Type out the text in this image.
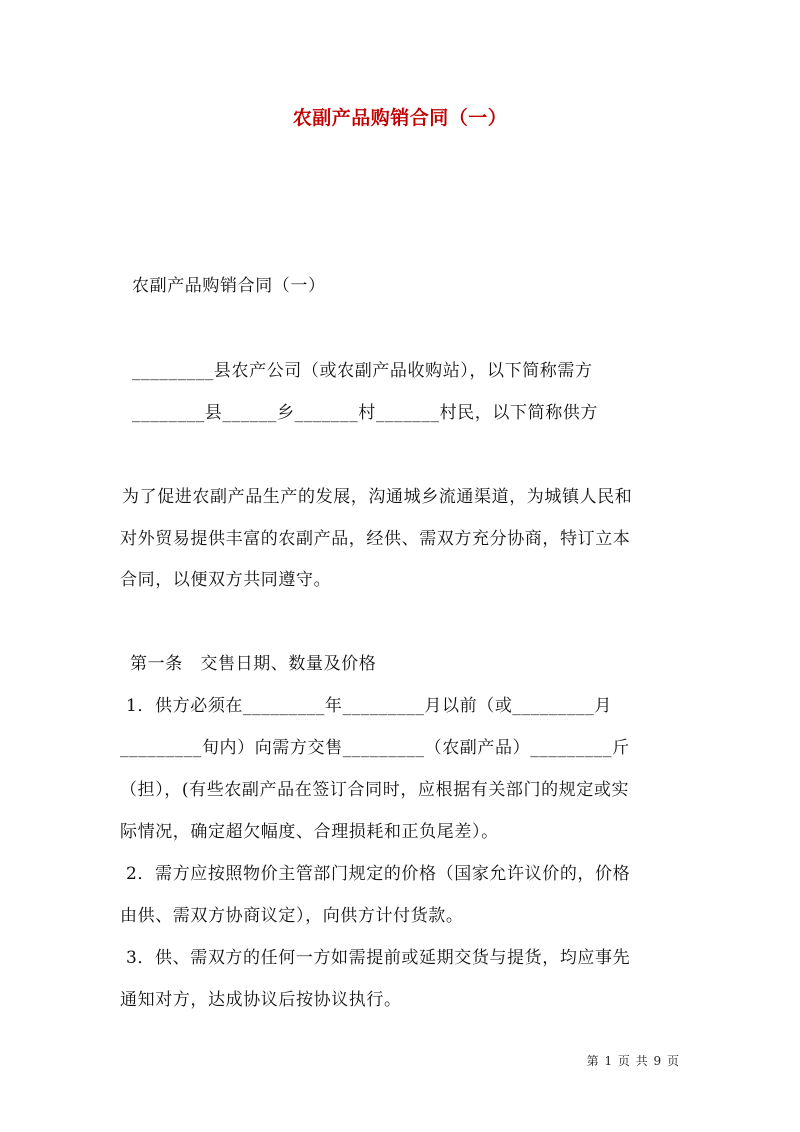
农副产品购销合同（一）
农副产品购销合同（一）
_________县农产公司（或农副产品收购站），以下简称需方
________县______乡_______村_______村民，以下简称供方
为了促进农副产品生产的发展，沟通城乡流通渠道，为城镇人民和
对外贸易提供丰富的农副产品，经供、需双方充分协商，特订立本
合同，以便双方共同遵守。
第一条　交售日期、数量及价格
1．供方必须在_________年_________月以前（或_________月
_________旬内）向需方交售_________（农副产品）_________斤
（担），(有些农副产品在签订合同时，应根据有关部门的规定或实
际情况，确定超欠幅度、合理损耗和正负尾差）。
2．需方应按照物价主管部门规定的价格（国家允许议价的，价格
由供、需双方协商议定），向供方计付货款。
3．供、需双方的任何一方如需提前或延期交货与提货，均应事先
通知对方，达成协议后按协议执行。
第 1 页 共 9 页
